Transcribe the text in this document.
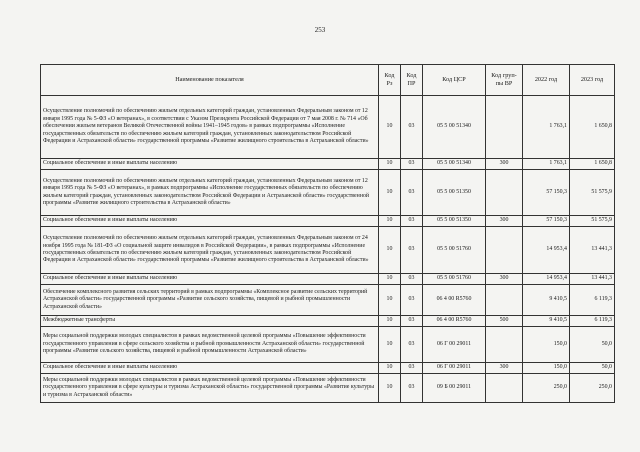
253
Наименование показателя	Код Рз	Код ПР	Код ЦСР	Код груп-пы ВР	2022 год	2023 год
Осуществление полномочий по обеспечению жильем отдельных категорий граждан, установленных Федеральным законом от 12 января 1995 года № 5-ФЗ «О ветеранах», в соответствии с Указом Президента Российской Федерации от 7 мая 2008 г. № 714 «Об обеспечении жильем ветеранов Великой Отечественной войны 1941–1945 годов» в рамках подпрограммы «Исполнение государственных обязательств по обеспечению жильем категорий граждан, установленных законодательством Российской Федерации и Астраханской области» государственной программы «Развитие жилищного строительства в Астраханской области»	10	03	05 5 00 51340		1 763,1	1 650,8
Социальное обеспечение и иные выплаты населению	10	03	05 5 00 51340	300	1 763,1	1 650,8
Осуществление полномочий по обеспечению жильем отдельных категорий граждан, установленных Федеральным законом от 12 января 1995 года № 5-ФЗ «О ветеранах», в рамках подпрограммы «Исполнение государственных обязательств по обеспечению жильем категорий граждан, установленных законодательством Российской Федерации и Астраханской области» государственной программы «Развитие жилищного строительства в Астраханской области»	10	03	05 5 00 51350		57 150,3	51 575,9
Социальное обеспечение и иные выплаты населению	10	03	05 5 00 51350	300	57 150,3	51 575,9
Осуществление полномочий по обеспечению жильем отдельных категорий граждан, установленных Федеральным законом от 24 ноября 1995 года № 181-ФЗ «О социальной защите инвалидов в Российской Федерации», в рамках подпрограммы «Исполнение государственных обязательств по обеспечению жильем категорий граждан, установленных законодательством Российской Федерации и Астраханской области» государственной программы «Развитие жилищного строительства в Астраханской области»	10	03	05 5 00 51760		14 953,4	13 441,3
Социальное обеспечение и иные выплаты населению	10	03	05 5 00 51760	300	14 953,4	13 441,3
Обеспечение комплексного развития сельских территорий в рамках подпрограммы «Комплексное развитие сельских территорий Астраханской области» государственной программы «Развитие сельского хозяйства, пищевой и рыбной промышленности Астраханской области»	10	03	06 4 00 R5760		9 410,5	6 119,3
Межбюджетные трансферты	10	03	06 4 00 R5760	500	9 410,5	6 119,3
Меры социальной поддержки молодых специалистов в рамках ведомственной целевой программы «Повышение эффективности государственного управления в сфере сельского хозяйства и рыбной промышленности Астраханской области» государственной программы «Развитие сельского хозяйства, пищевой и рыбной промышленности Астраханской области»	10	03	06 Г 00 29011		150,0	50,0
Социальное обеспечение и иные выплаты населению	10	03	06 Г 00 29011	300	150,0	50,0
Меры социальной поддержки молодых специалистов в рамках ведомственной целевой программы «Повышение эффективности государственного управления в сфере культуры и туризма Астраханской области» государственной программы «Развитие культуры и туризма в Астраханской области»	10	03	09 Б 00 29011		250,0	250,0
